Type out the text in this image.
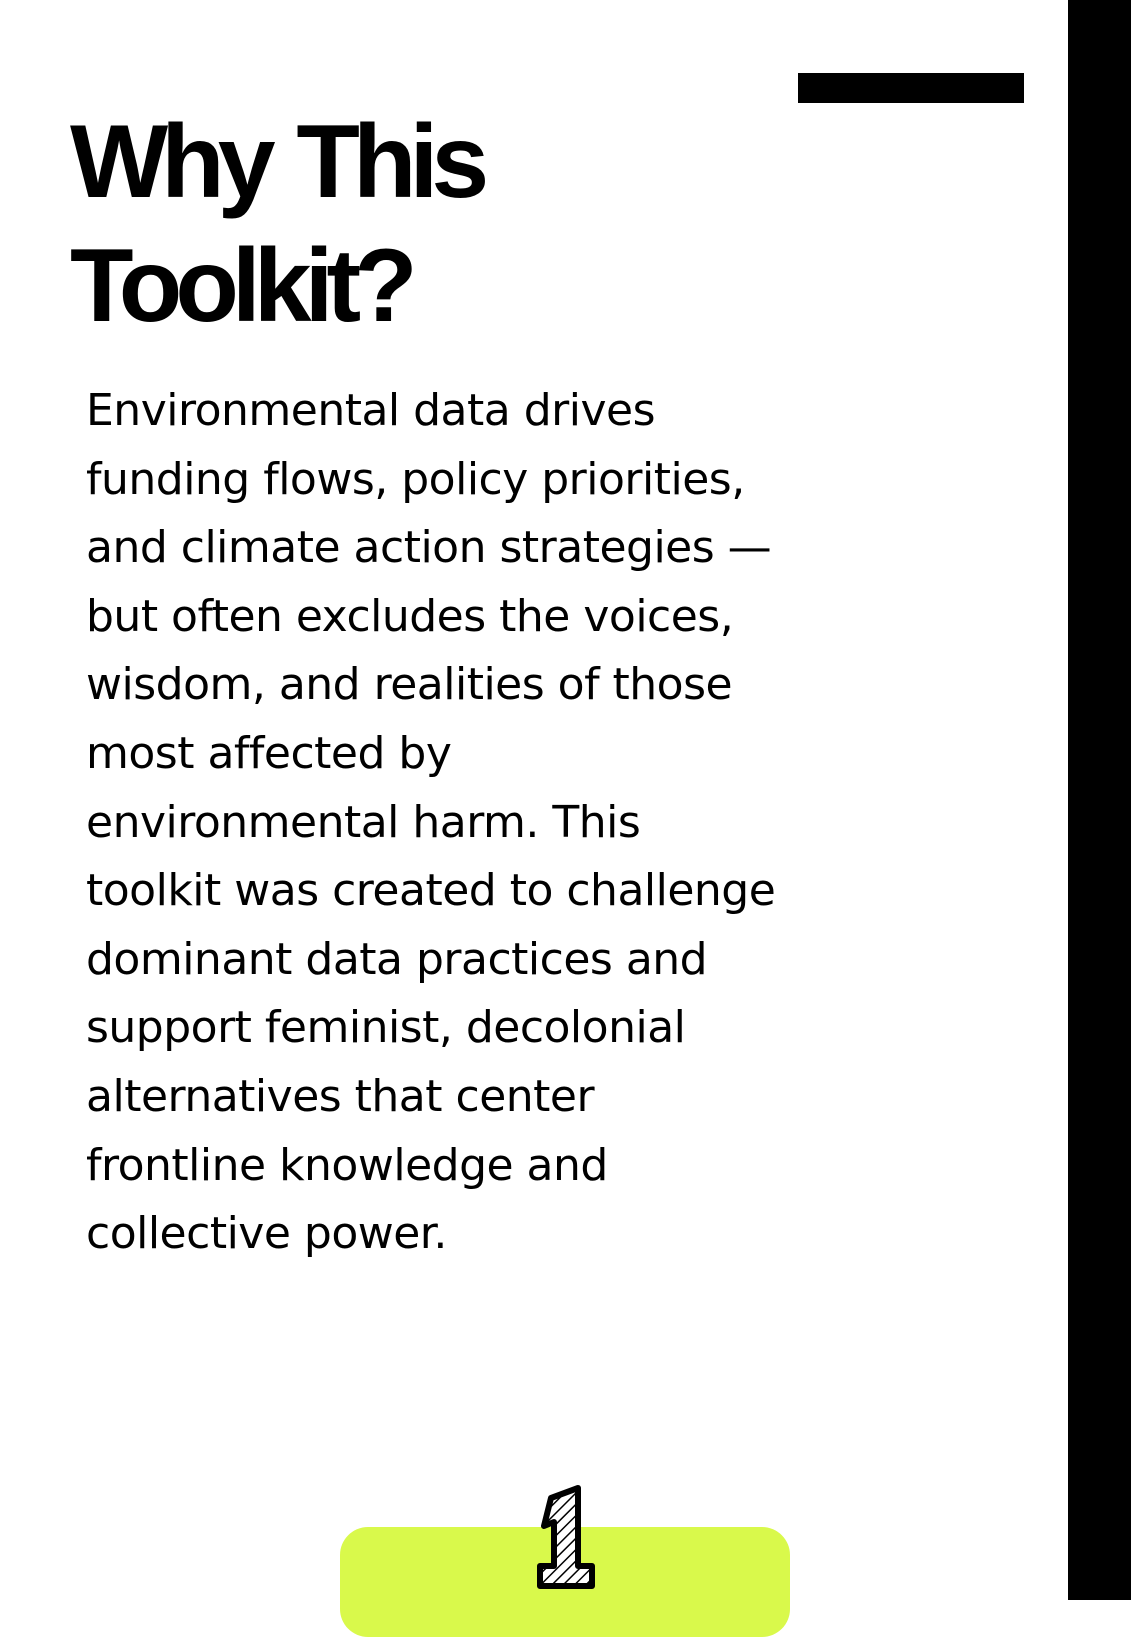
Why This
Toolkit?

Environmental data drives
funding flows, policy priorities,
and climate action strategies —
but often excludes the voices,
wisdom, and realities of those
most affected by
environmental harm. This
toolkit was created to challenge
dominant data practices and
support feminist, decolonial
alternatives that center
frontline knowledge and
collective power.

1
